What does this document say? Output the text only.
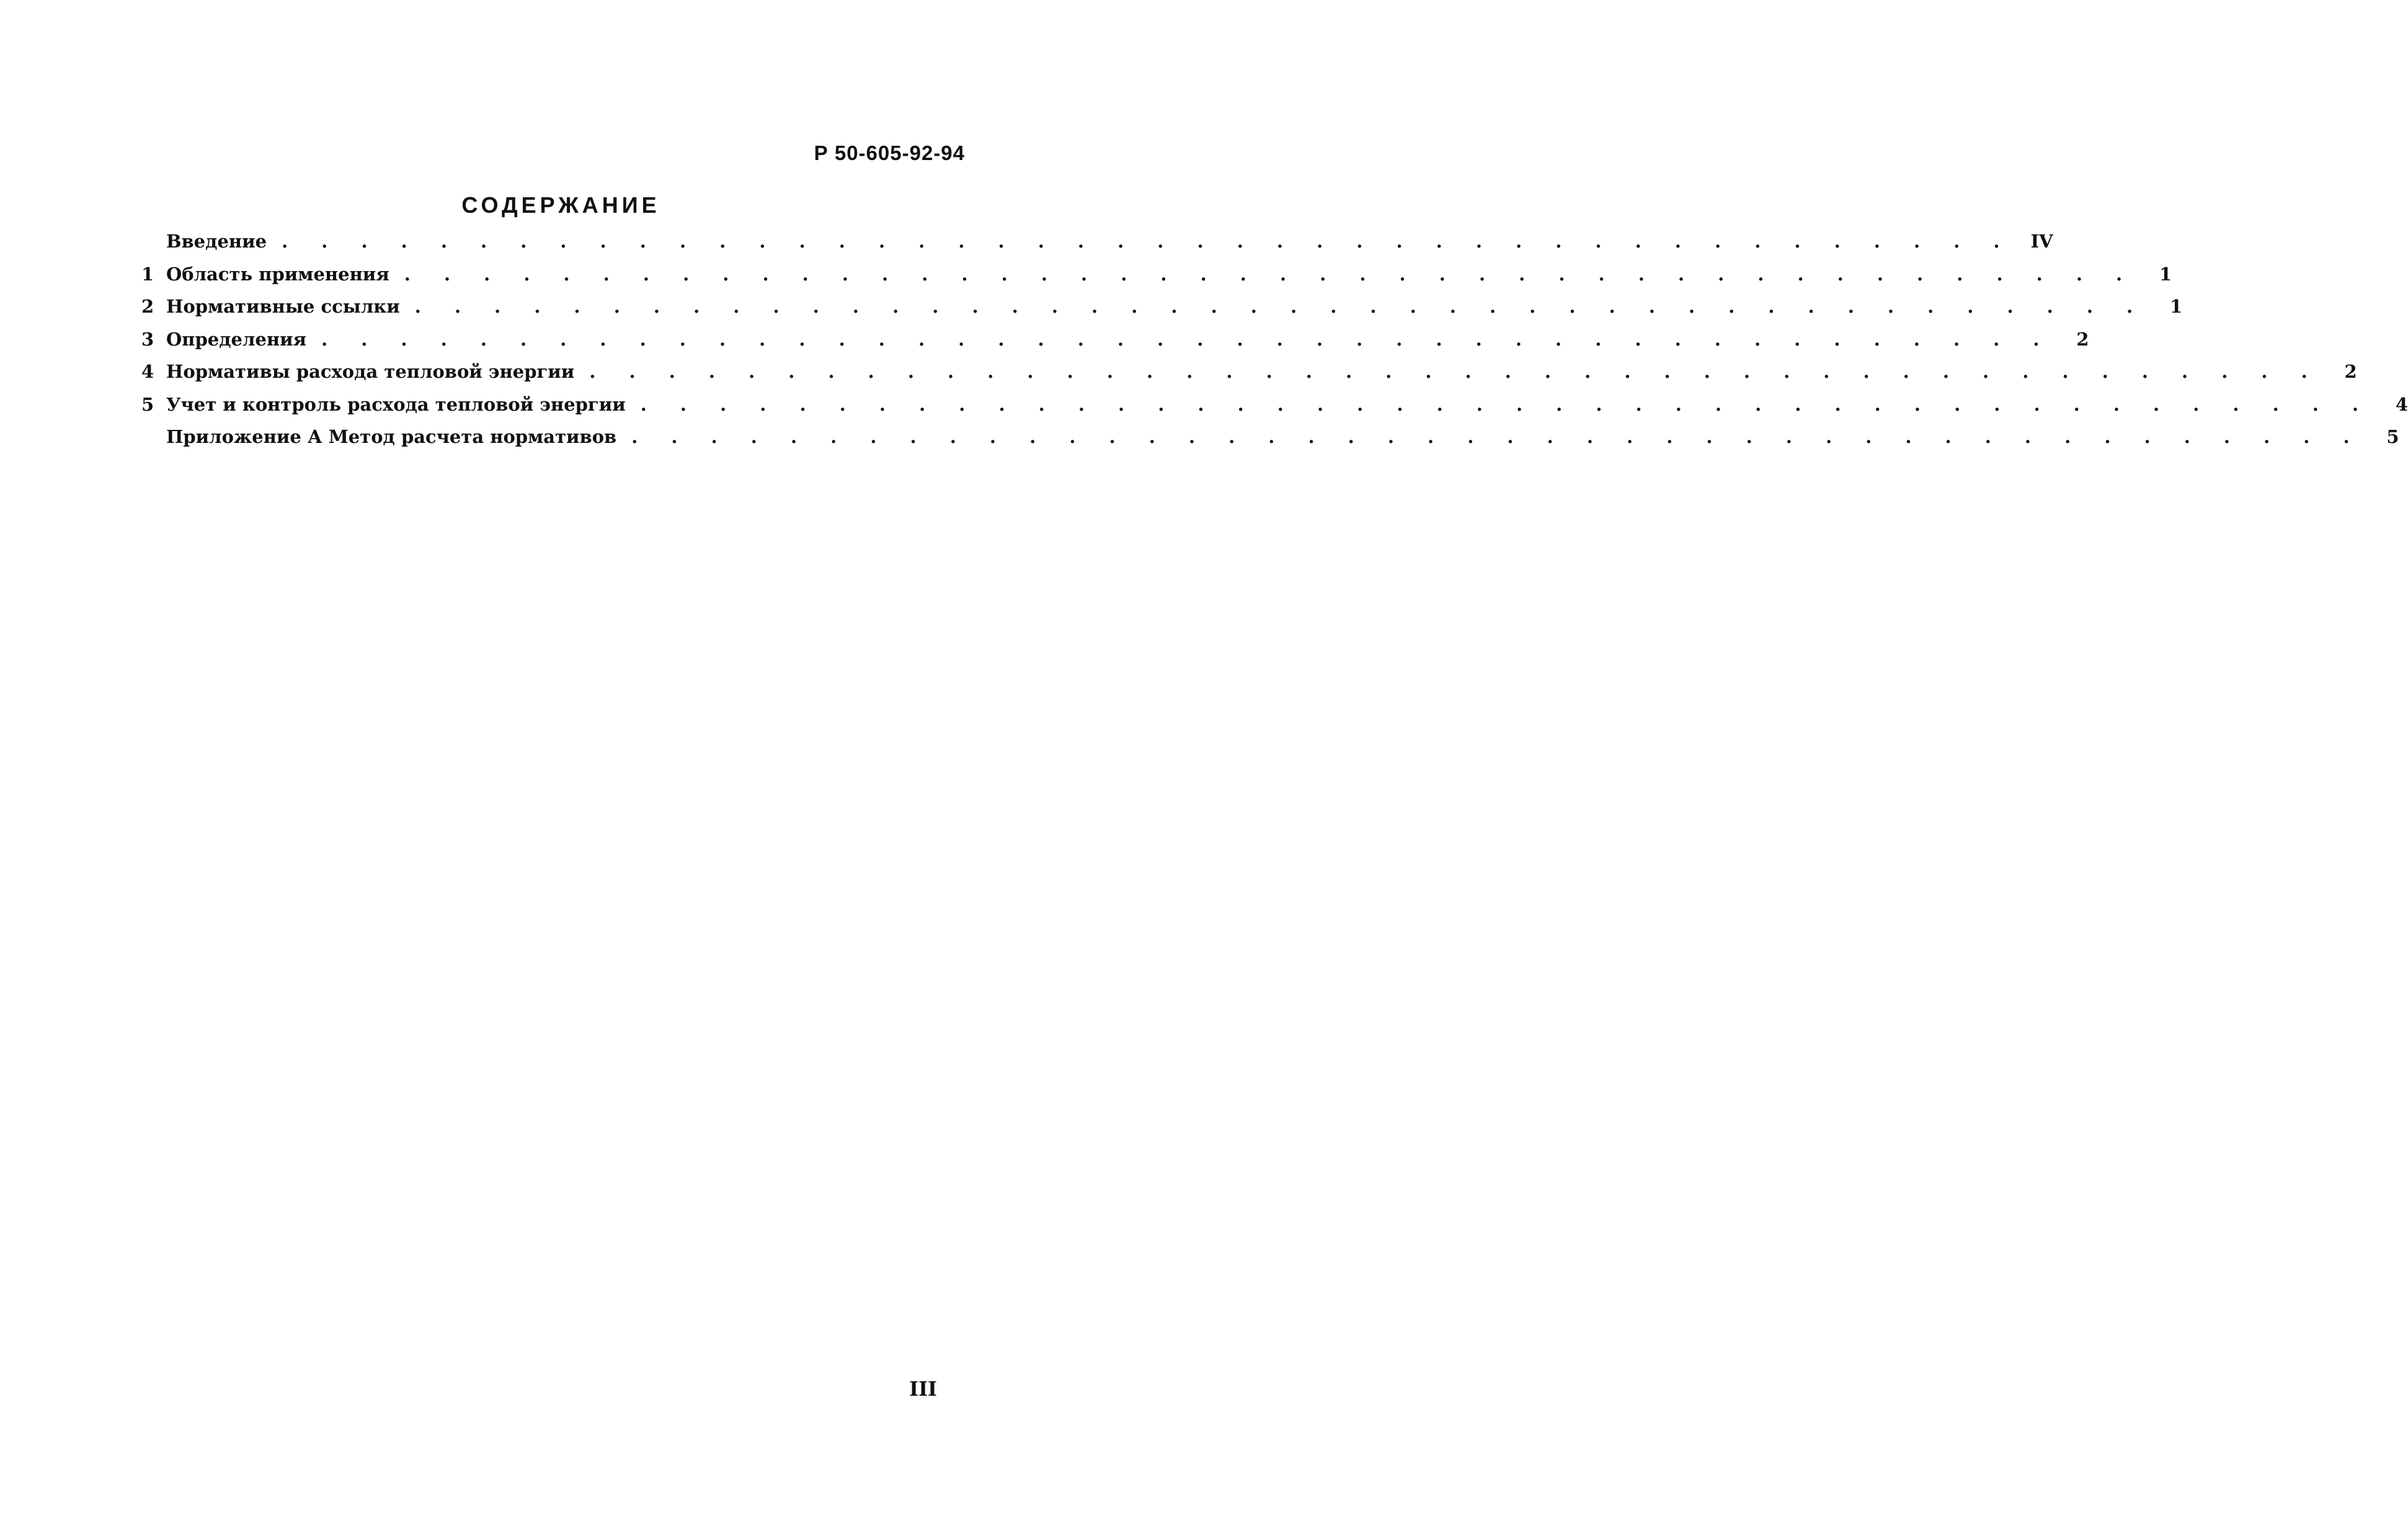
Р 50-605-92-94
СОДЕРЖАНИЕ
Введение . . . . . . . . . . . . . . . . . . . . . . . . . . . . . . . . . . . . . . . . . . . . IV
1 Область применения . . . . . . . . . . . . . . . . . . . . . . . . . . . . . . . . . . . . . . . . . . . .	1
2 Нормативные ссылки . . . . . . . . . . . . . . . . . . . . . . . . . . . . . . . . . . . . . . . . . . . .	1
3 Определения . . . . . . . . . . . . . . . . . . . . . . . . . . . . . . . . . . . . . . . . . . . .	2
4 Нормативы расхода тепловой энергии . . . . . . . . . . . . . . . . . . . . . . . . . . . . . . . . . . . . . . . . . . . .	2
5 Учет и контроль расхода тепловой энергии . . . . . . . . . . . . . . . . . . . . . . . . . . . . . . . . . . . . . . . . . . . .	4
Приложение А Метод расчета нормативов . . . . . . . . . . . . . . . . . . . . . . . . . . . . . . . . . . . . . . . . . . . .	5
III
